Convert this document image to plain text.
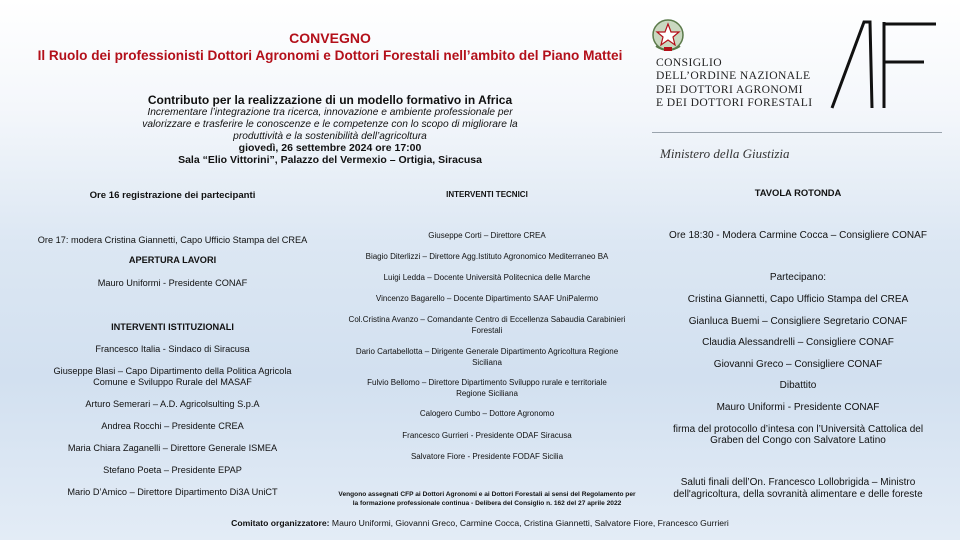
CONVEGNO
Il Ruolo dei professionisti Dottori Agronomi e Dottori Forestali nell’ambito del Piano Mattei
Contributo per la realizzazione di un modello formativo in Africa
Incrementare l’integrazione tra ricerca, innovazione e ambiente professionale per
valorizzare e trasferire le conoscenze e le competenze con lo scopo di migliorare la
produttività e la sostenibilità dell’agricoltura
giovedì, 26 settembre 2024 ore 17:00
Sala “Elio Vittorini”, Palazzo del Vermexio – Ortigia, Siracusa
CONSIGLIO
DELL’ORDINE NAZIONALE
DEI DOTTORI AGRONOMI
E DEI DOTTORI FORESTALI
Ministero della Giustizia
Ore 16 registrazione dei partecipanti
Ore 17: modera Cristina Giannetti, Capo Ufficio Stampa del CREA
APERTURA LAVORI
Mauro Uniformi - Presidente CONAF
INTERVENTI ISTITUZIONALI
Francesco Italia - Sindaco di Siracusa
Giuseppe Blasi – Capo Dipartimento della Politica Agricola
Comune e Sviluppo Rurale del MASAF
Arturo Semerari – A.D. Agricolsulting S.p.A
Andrea Rocchi – Presidente CREA
Maria Chiara Zaganelli – Direttore Generale ISMEA
Stefano Poeta – Presidente EPAP
Mario D’Amico – Direttore Dipartimento Di3A UniCT
INTERVENTI TECNICI
Giuseppe Corti – Direttore CREA
Biagio Diterlizzi – Direttore Agg.Istituto Agronomico Mediterraneo BA
Luigi Ledda – Docente Università Politecnica delle Marche
Vincenzo Bagarello – Docente Dipartimento SAAF UniPalermo
Col.Cristina Avanzo – Comandante Centro di Eccellenza Sabaudia Carabinieri
Forestali
Dario Cartabellotta – Dirigente Generale Dipartimento Agricoltura Regione
Siciliana
Fulvio Bellomo – Direttore Dipartimento Sviluppo rurale e territoriale
Regione Siciliana
Calogero Cumbo – Dottore Agronomo
Francesco Gurrieri - Presidente ODAF Siracusa
Salvatore Fiore - Presidente FODAF Sicilia
Vengono assegnati CFP ai Dottori Agronomi e ai Dottori Forestali ai sensi del Regolamento per
la formazione professionale continua - Delibera del Consiglio n. 162 del 27 aprile 2022
TAVOLA ROTONDA
Ore 18:30 - Modera Carmine Cocca – Consigliere CONAF
Partecipano:
Cristina Giannetti, Capo Ufficio Stampa del CREA
Gianluca Buemi – Consigliere Segretario CONAF
Claudia Alessandrelli – Consigliere CONAF
Giovanni Greco – Consigliere CONAF
Dibattito
Mauro Uniformi - Presidente CONAF
firma del protocollo d’intesa con l’Università Cattolica del
Graben del Congo con Salvatore Latino
Saluti finali dell’On. Francesco Lollobrigida – Ministro
dell'agricoltura, della sovranità alimentare e delle foreste
Comitato organizzatore: Mauro Uniformi, Giovanni Greco, Carmine Cocca, Cristina Giannetti, Salvatore Fiore, Francesco Gurrieri
